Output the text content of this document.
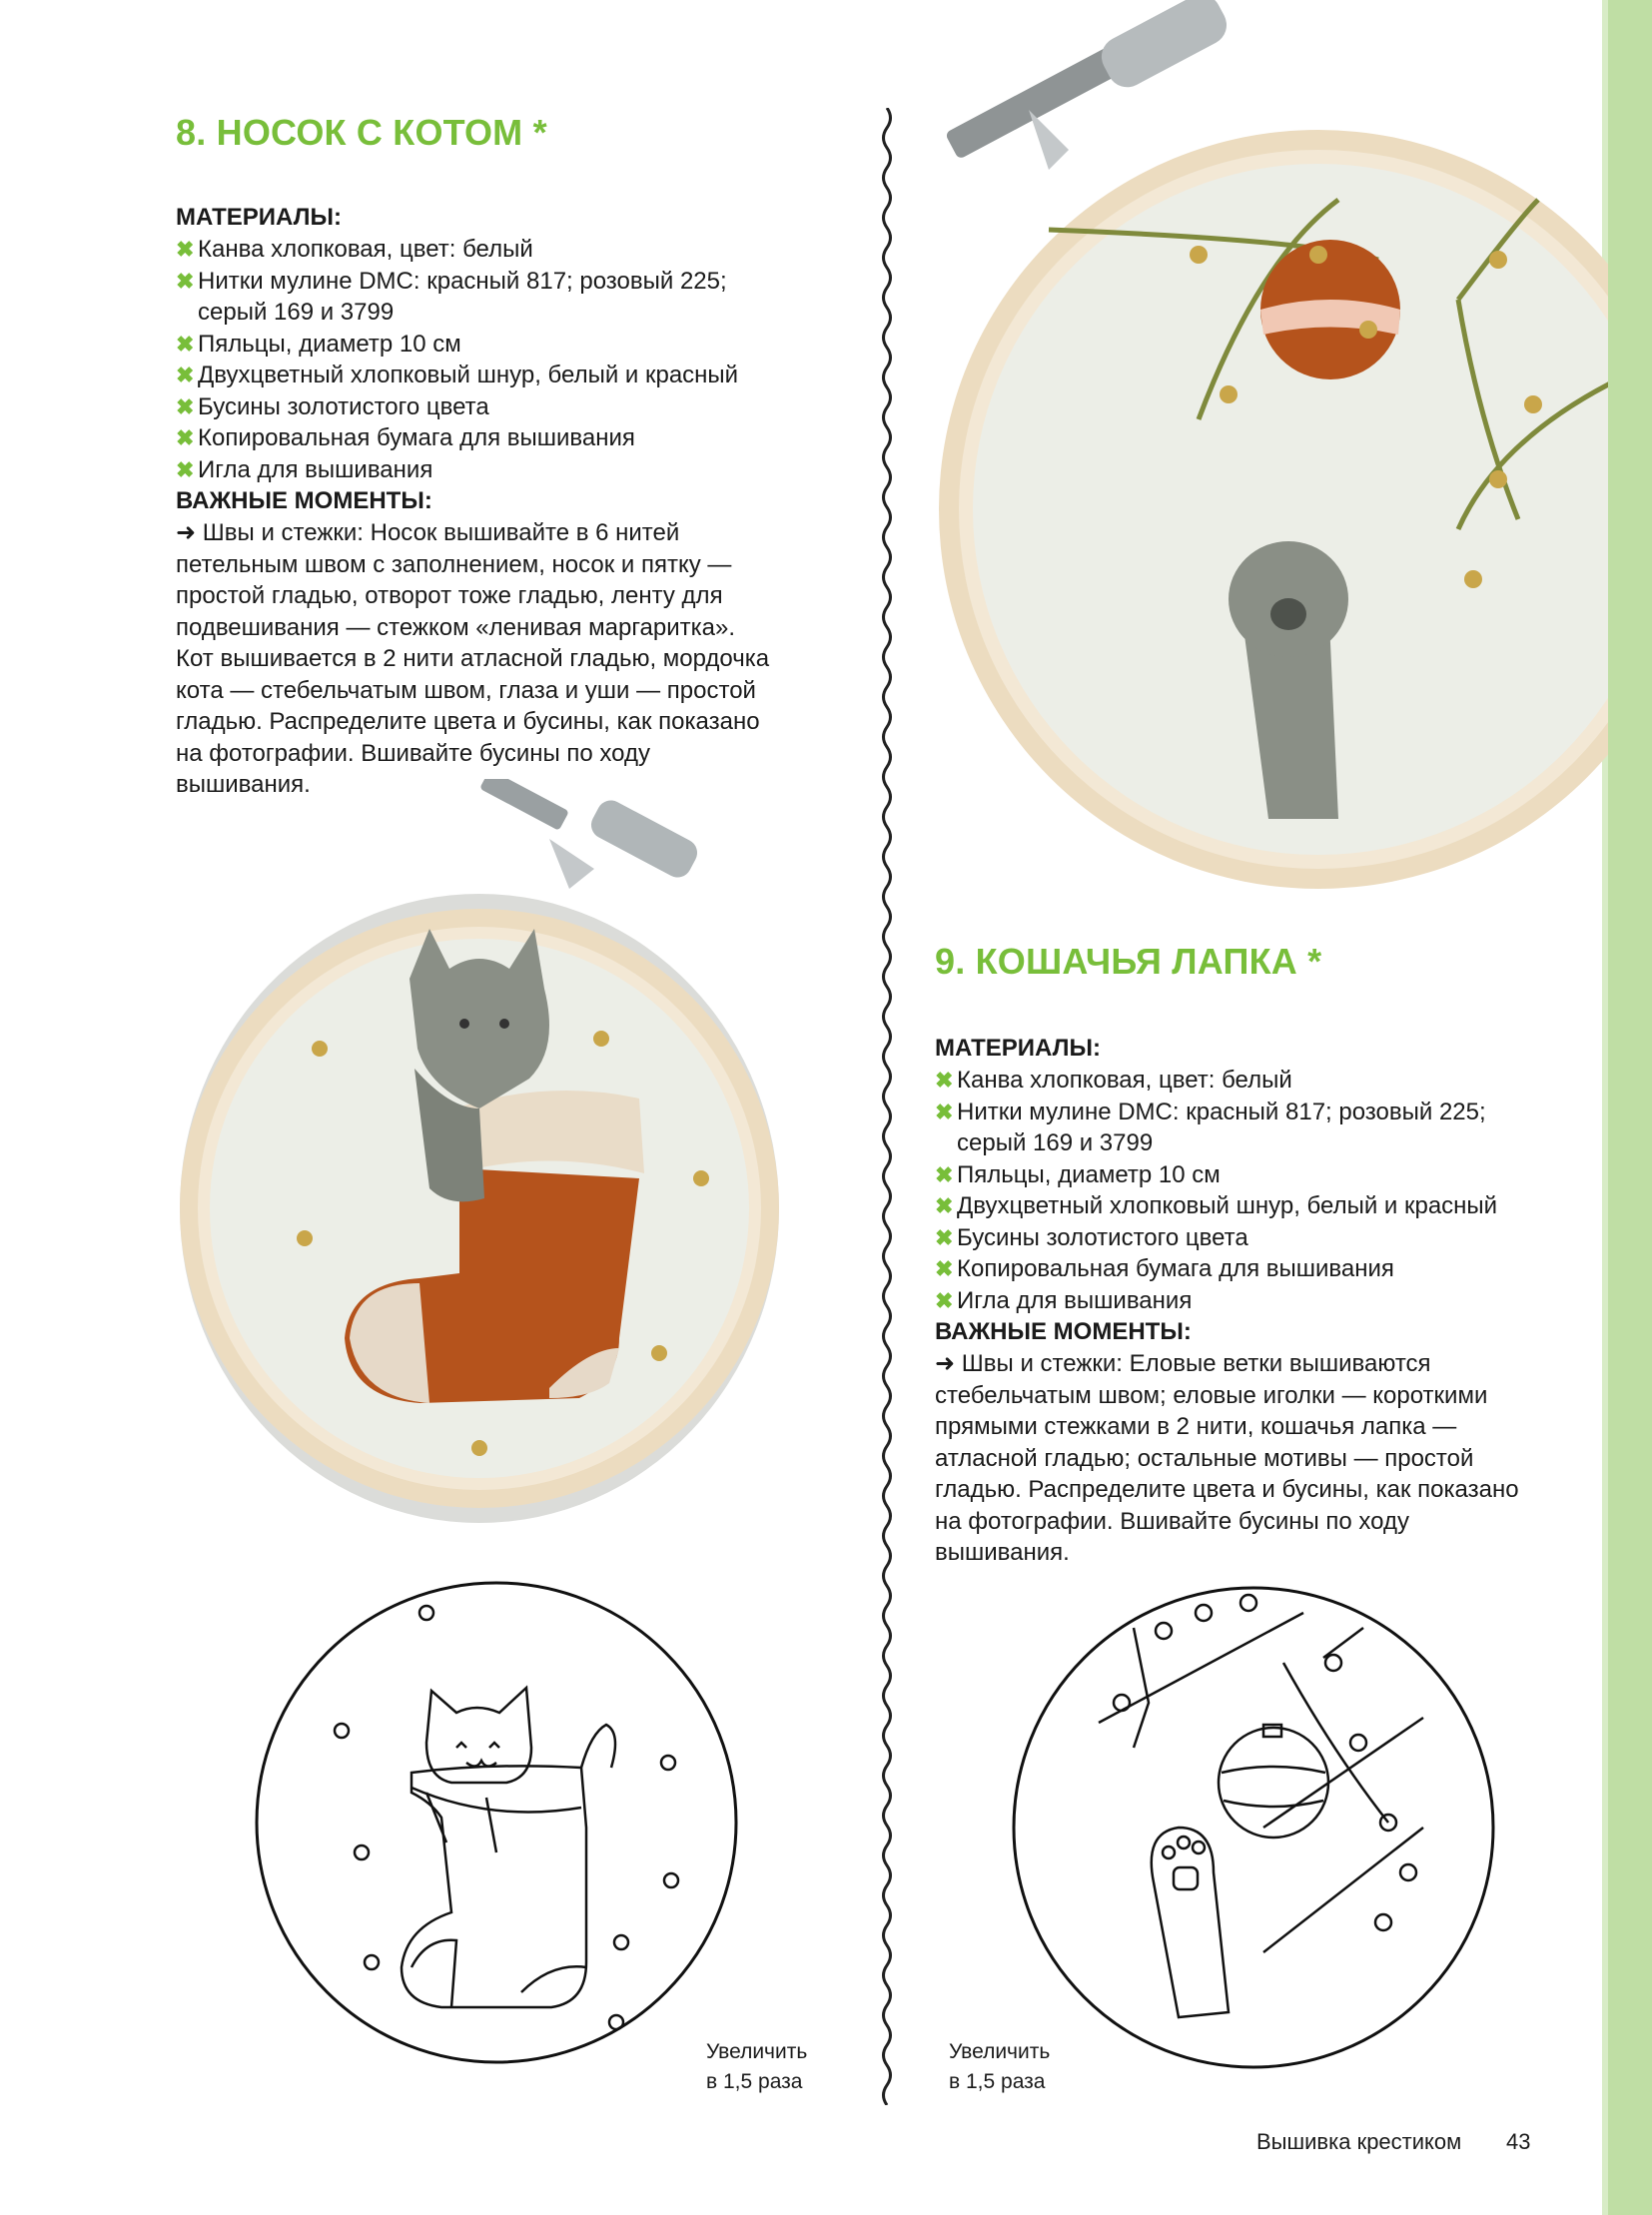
8. НОСОК С КОТОМ *

МАТЕРИАЛЫ:

✖ Канва хлопковая, цвет: белый
✖ Нитки мулине DMC: красный 817; розовый 225;
серый 169 и 3799
✖ Пяльцы, диаметр 10 см
✖ Двухцветный хлопковый шнур, белый и красный
✖ Бусины золотистого цвета
✖ Копировальная бумага для вышивания
✖ Игла для вышивания

ВАЖНЫЕ МОМЕНТЫ:

➜ Швы и стежки: Носок вышивайте в 6 нитей
петельным швом с заполнением, носок и пятку —
простой гладью, отворот тоже гладью, ленту для
подвешивания — стежком «ленивая маргаритка».
Кот вышивается в 2 нити атласной гладью, мордочка
кота — стебельчатым швом, глаза и уши — простой
гладью. Распределите цвета и бусины, как показано
на фотографии. Вшивайте бусины по ходу
вышивания.

Увеличить
в 1,5 раза
9. КОШАЧЬЯ ЛАПКА *

МАТЕРИАЛЫ:

✖ Канва хлопковая, цвет: белый
✖ Нитки мулине DMC: красный 817; розовый 225;
серый 169 и 3799
✖ Пяльцы, диаметр 10 см
✖ Двухцветный хлопковый шнур, белый и красный
✖ Бусины золотистого цвета
✖ Копировальная бумага для вышивания
✖ Игла для вышивания

ВАЖНЫЕ МОМЕНТЫ:

➜ Швы и стежки: Еловые ветки вышиваются
стебельчатым швом; еловые иголки — короткими
прямыми стежками в 2 нити, кошачья лапка —
атласной гладью; остальные мотивы — простой
гладью. Распределите цвета и бусины, как показано
на фотографии. Вшивайте бусины по ходу
вышивания.

Увеличить
в 1,5 раза
Вышивка крестиком 43
